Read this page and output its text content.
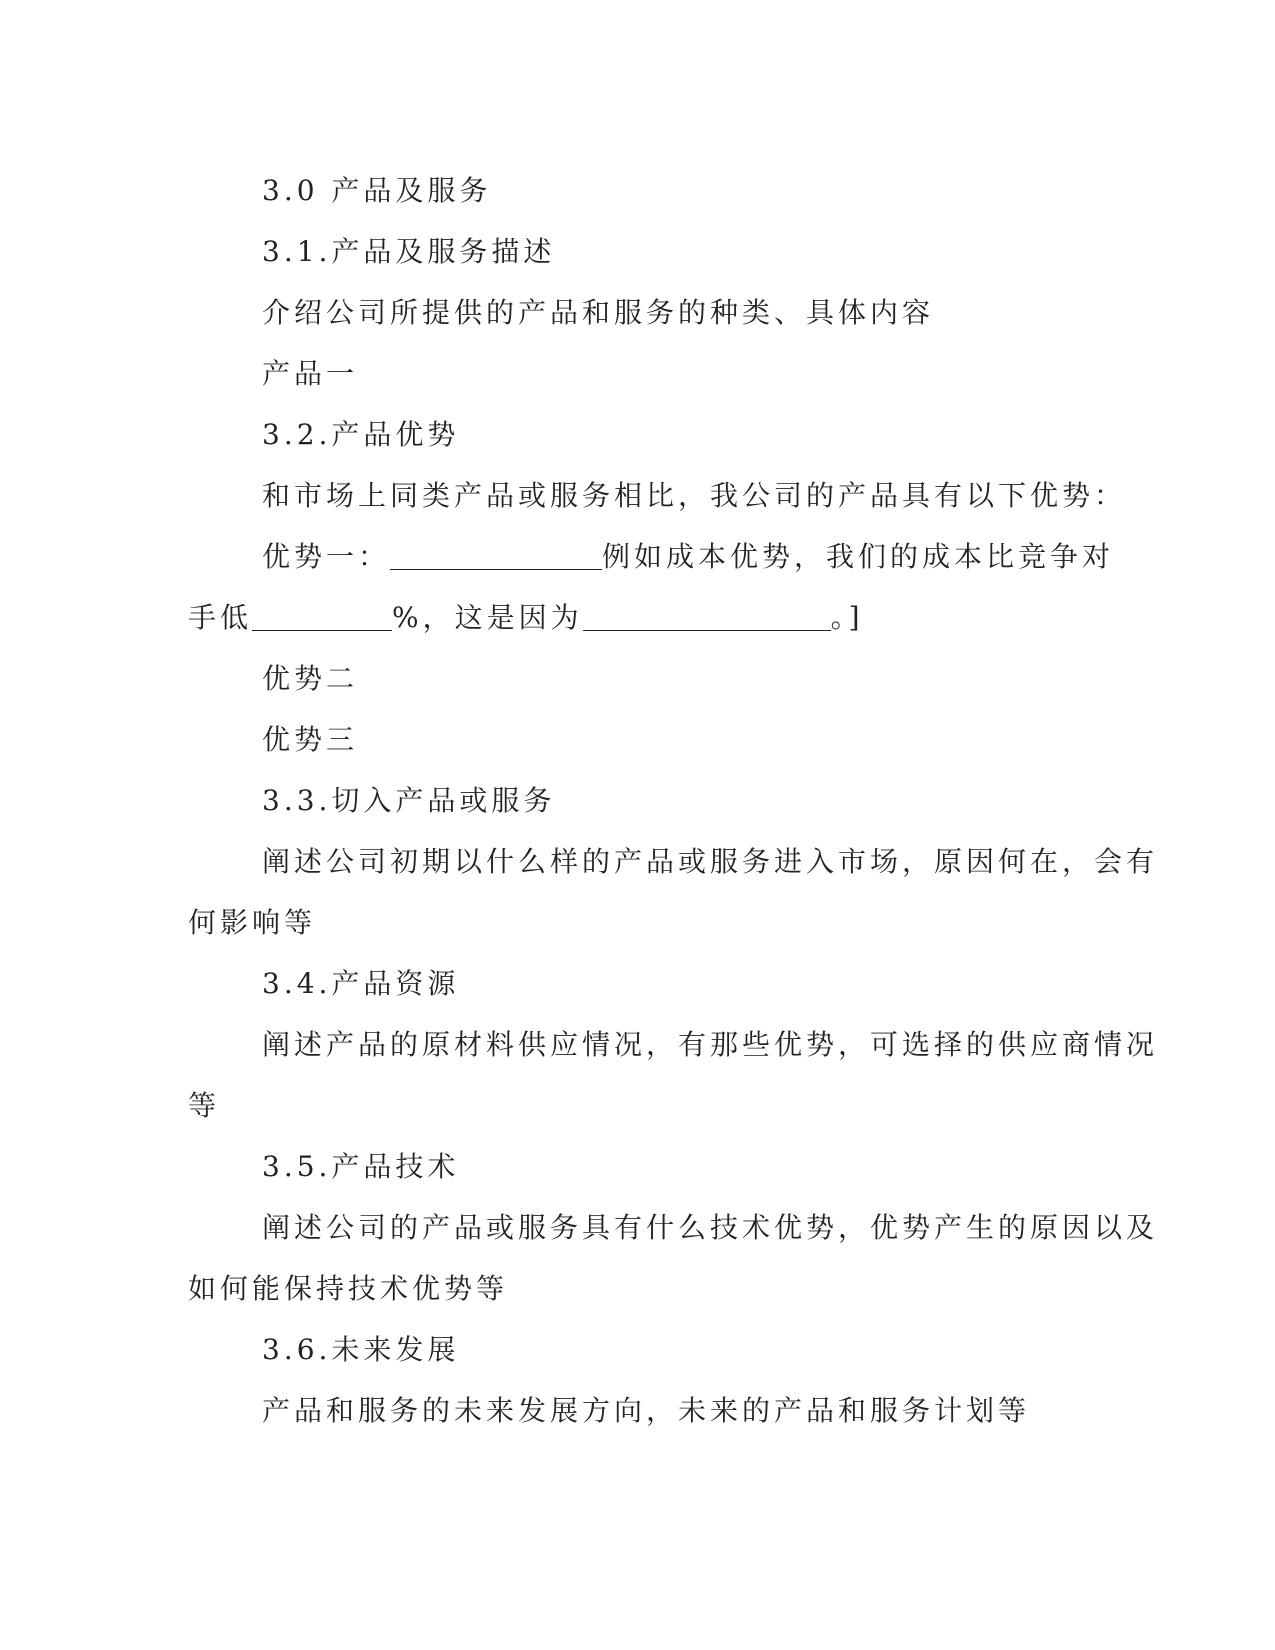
3.0 产品及服务
3.1.产品及服务描述
介绍公司所提供的产品和服务的种类、具体内容
产品一
3.2.产品优势
和市场上同类产品或服务相比，我公司的产品具有以下优势：
优势一：	例如成本优势，我们的成本比竞争对
手低	%，这是因为	。]
优势二
优势三
3.3.切入产品或服务
阐述公司初期以什么样的产品或服务进入市场，原因何在，会有
何影响等
3.4.产品资源
阐述产品的原材料供应情况，有那些优势，可选择的供应商情况
等
3.5.产品技术
阐述公司的产品或服务具有什么技术优势，优势产生的原因以及
如何能保持技术优势等
3.6.未来发展
产品和服务的未来发展方向，未来的产品和服务计划等
